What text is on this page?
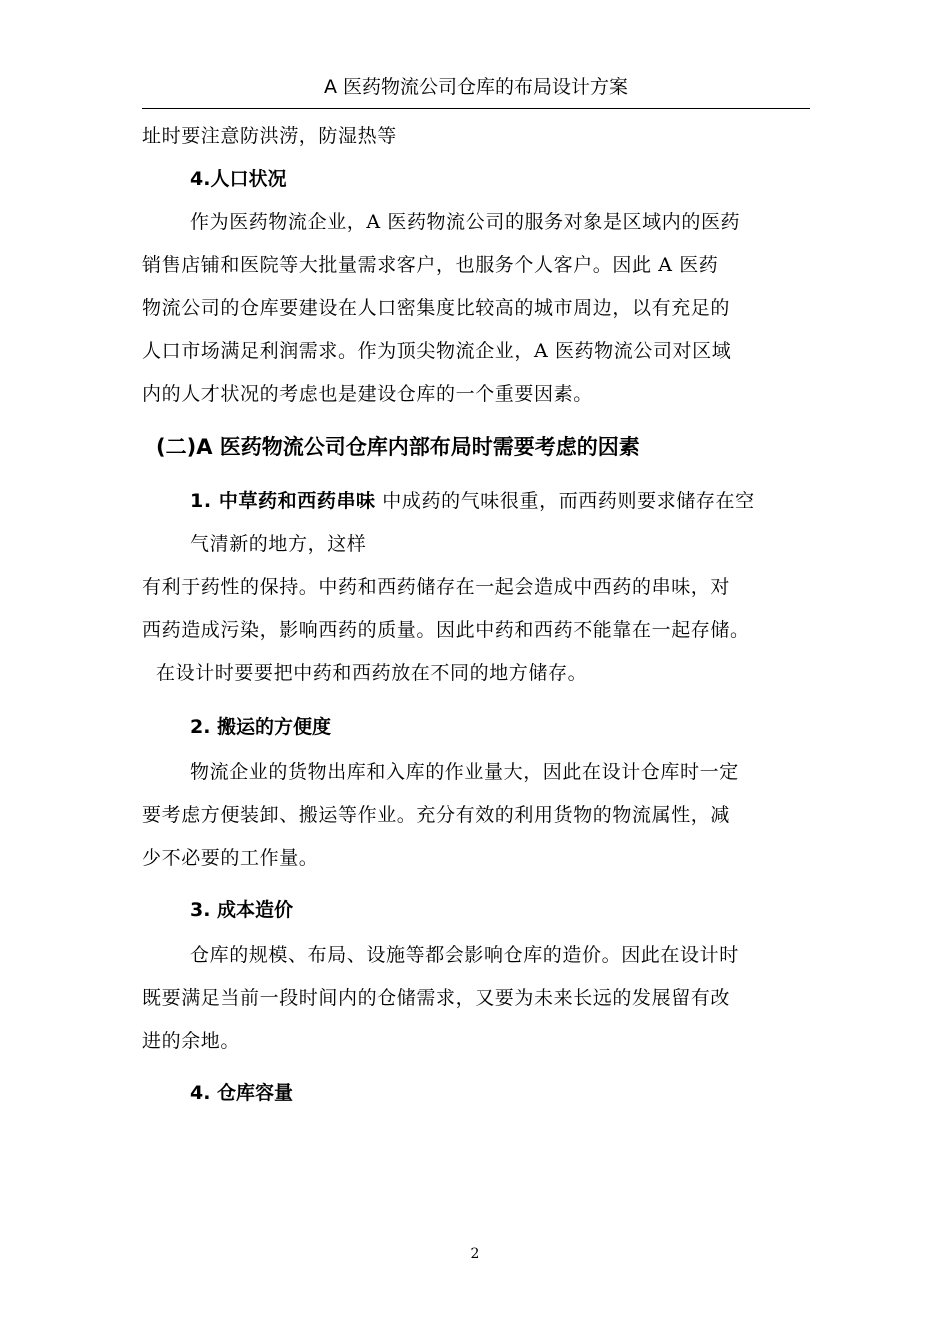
A 医药物流公司仓库的布局设计方案
址时要注意防洪涝，防湿热等
4.人口状况
作为医药物流企业，A 医药物流公司的服务对象是区域内的医药
销售店铺和医院等大批量需求客户，也服务个人客户。因此 A 医药
物流公司的仓库要建设在人口密集度比较高的城市周边，以有充足的
人口市场满足利润需求。作为顶尖物流企业，A 医药物流公司对区域
内的人才状况的考虑也是建设仓库的一个重要因素。
(二)A 医药物流公司仓库内部布局时需要考虑的因素
1. 中草药和西药串味 中成药的气味很重，而西药则要求储存在空
气清新的地方，这样
有利于药性的保持。中药和西药储存在一起会造成中西药的串味，对
西药造成污染，影响西药的质量。因此中药和西药不能靠在一起存储。
在设计时要要把中药和西药放在不同的地方储存。
2. 搬运的方便度
物流企业的货物出库和入库的作业量大，因此在设计仓库时一定
要考虑方便装卸、搬运等作业。充分有效的利用货物的物流属性，减
少不必要的工作量。
3. 成本造价
仓库的规模、布局、设施等都会影响仓库的造价。因此在设计时
既要满足当前一段时间内的仓储需求，又要为未来长远的发展留有改
进的余地。
4. 仓库容量
2
